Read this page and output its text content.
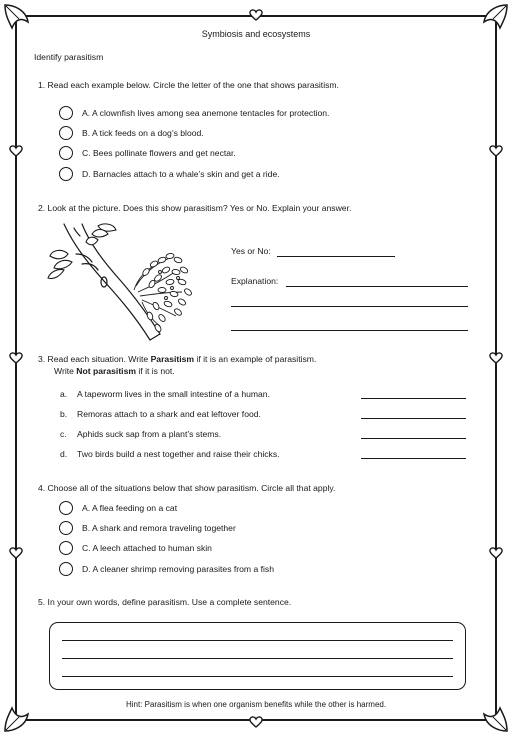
Symbiosis and ecosystems
Identify parasitism
1. Read each example below. Circle the letter of the one that shows parasitism.
A. A clownfish lives among sea anemone tentacles for protection.
B. A tick feeds on a dog’s blood.
C. Bees pollinate flowers and get nectar.
D. Barnacles attach to a whale’s skin and get a ride.
2. Look at the picture. Does this show parasitism? Yes or No. Explain your answer.
Yes or No:
Explanation:
3. Read each situation. Write Parasitism if it is an example of parasitism.
Write Not parasitism if it is not.
a. A tapeworm lives in the small intestine of a human.
b. Remoras attach to a shark and eat leftover food.
c. Aphids suck sap from a plant’s stems.
d. Two birds build a nest together and raise their chicks.
4. Choose all of the situations below that show parasitism. Circle all that apply.
A. A flea feeding on a cat
B. A shark and remora traveling together
C. A leech attached to human skin
D. A cleaner shrimp removing parasites from a fish
5. In your own words, define parasitism. Use a complete sentence.
Hint: Parasitism is when one organism benefits while the other is harmed.
